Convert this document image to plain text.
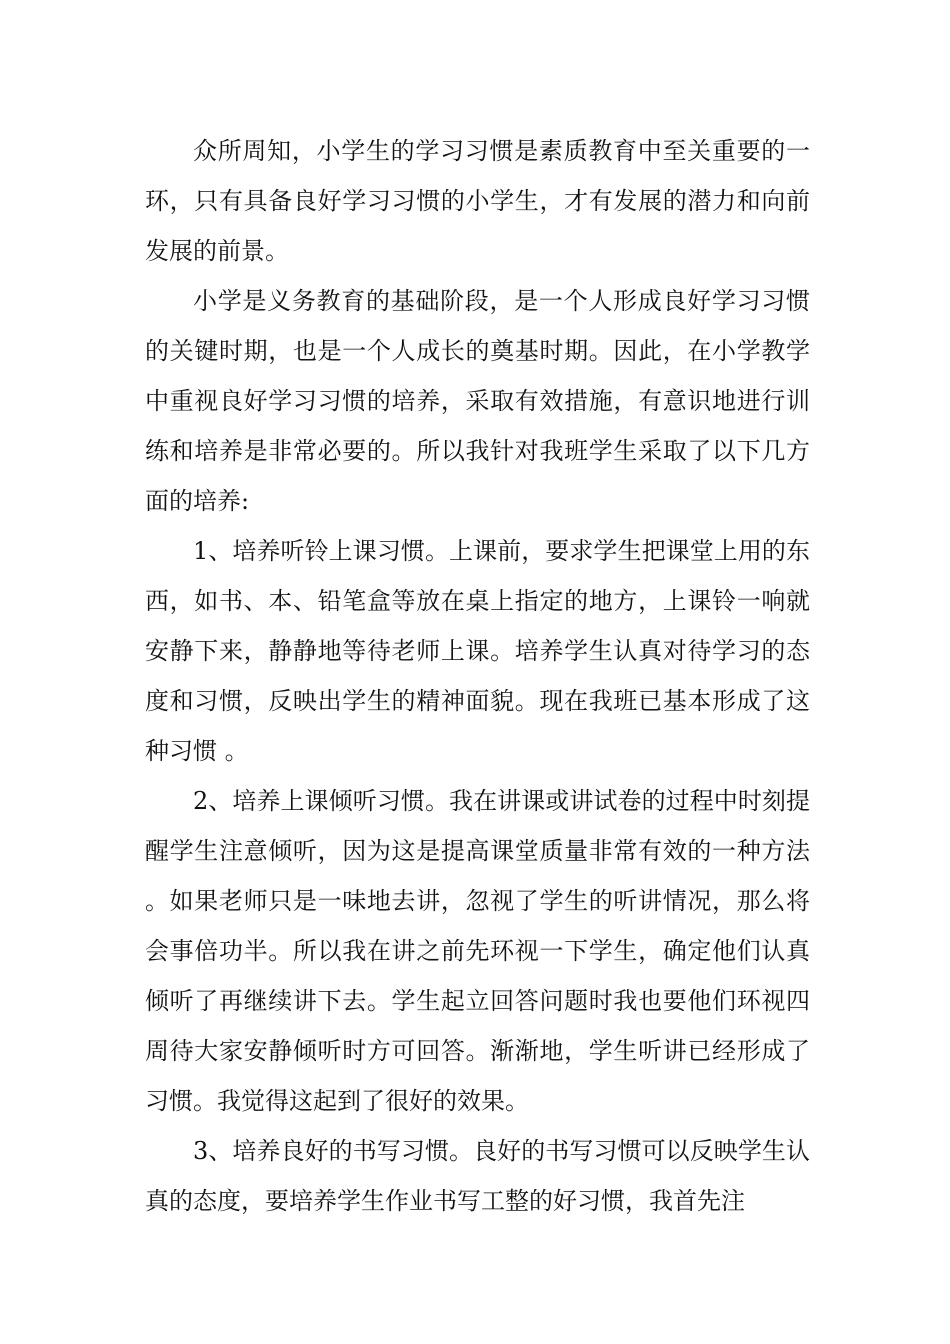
众所周知，小学生的学习习惯是素质教育中至关重要的一环，只有具备良好学习习惯的小学生，才有发展的潜力和向前发展的前景。

小学是义务教育的基础阶段，是一个人形成良好学习习惯的关键时期，也是一个人成长的奠基时期。因此，在小学教学中重视良好学习习惯的培养，采取有效措施，有意识地进行训练和培养是非常必要的。所以我针对我班学生采取了以下几方面的培养:

1、培养听铃上课习惯。上课前，要求学生把课堂上用的东西，如书、本、铅笔盒等放在桌上指定的地方，上课铃一响就安静下来，静静地等待老师上课。培养学生认真对待学习的态度和习惯，反映出学生的精神面貌。现在我班已基本形成了这种习惯 。

2、培养上课倾听习惯。我在讲课或讲试卷的过程中时刻提醒学生注意倾听，因为这是提高课堂质量非常有效的一种方法。如果老师只是一味地去讲，忽视了学生的听讲情况，那么将会事倍功半。所以我在讲之前先环视一下学生，确定他们认真倾听了再继续讲下去。学生起立回答问题时我也要他们环视四周待大家安静倾听时方可回答。渐渐地，学生听讲已经形成了习惯。我觉得这起到了很好的效果。

3、培养良好的书写习惯。良好的书写习惯可以反映学生认真的态度，要培养学生作业书写工整的好习惯，我首先注
